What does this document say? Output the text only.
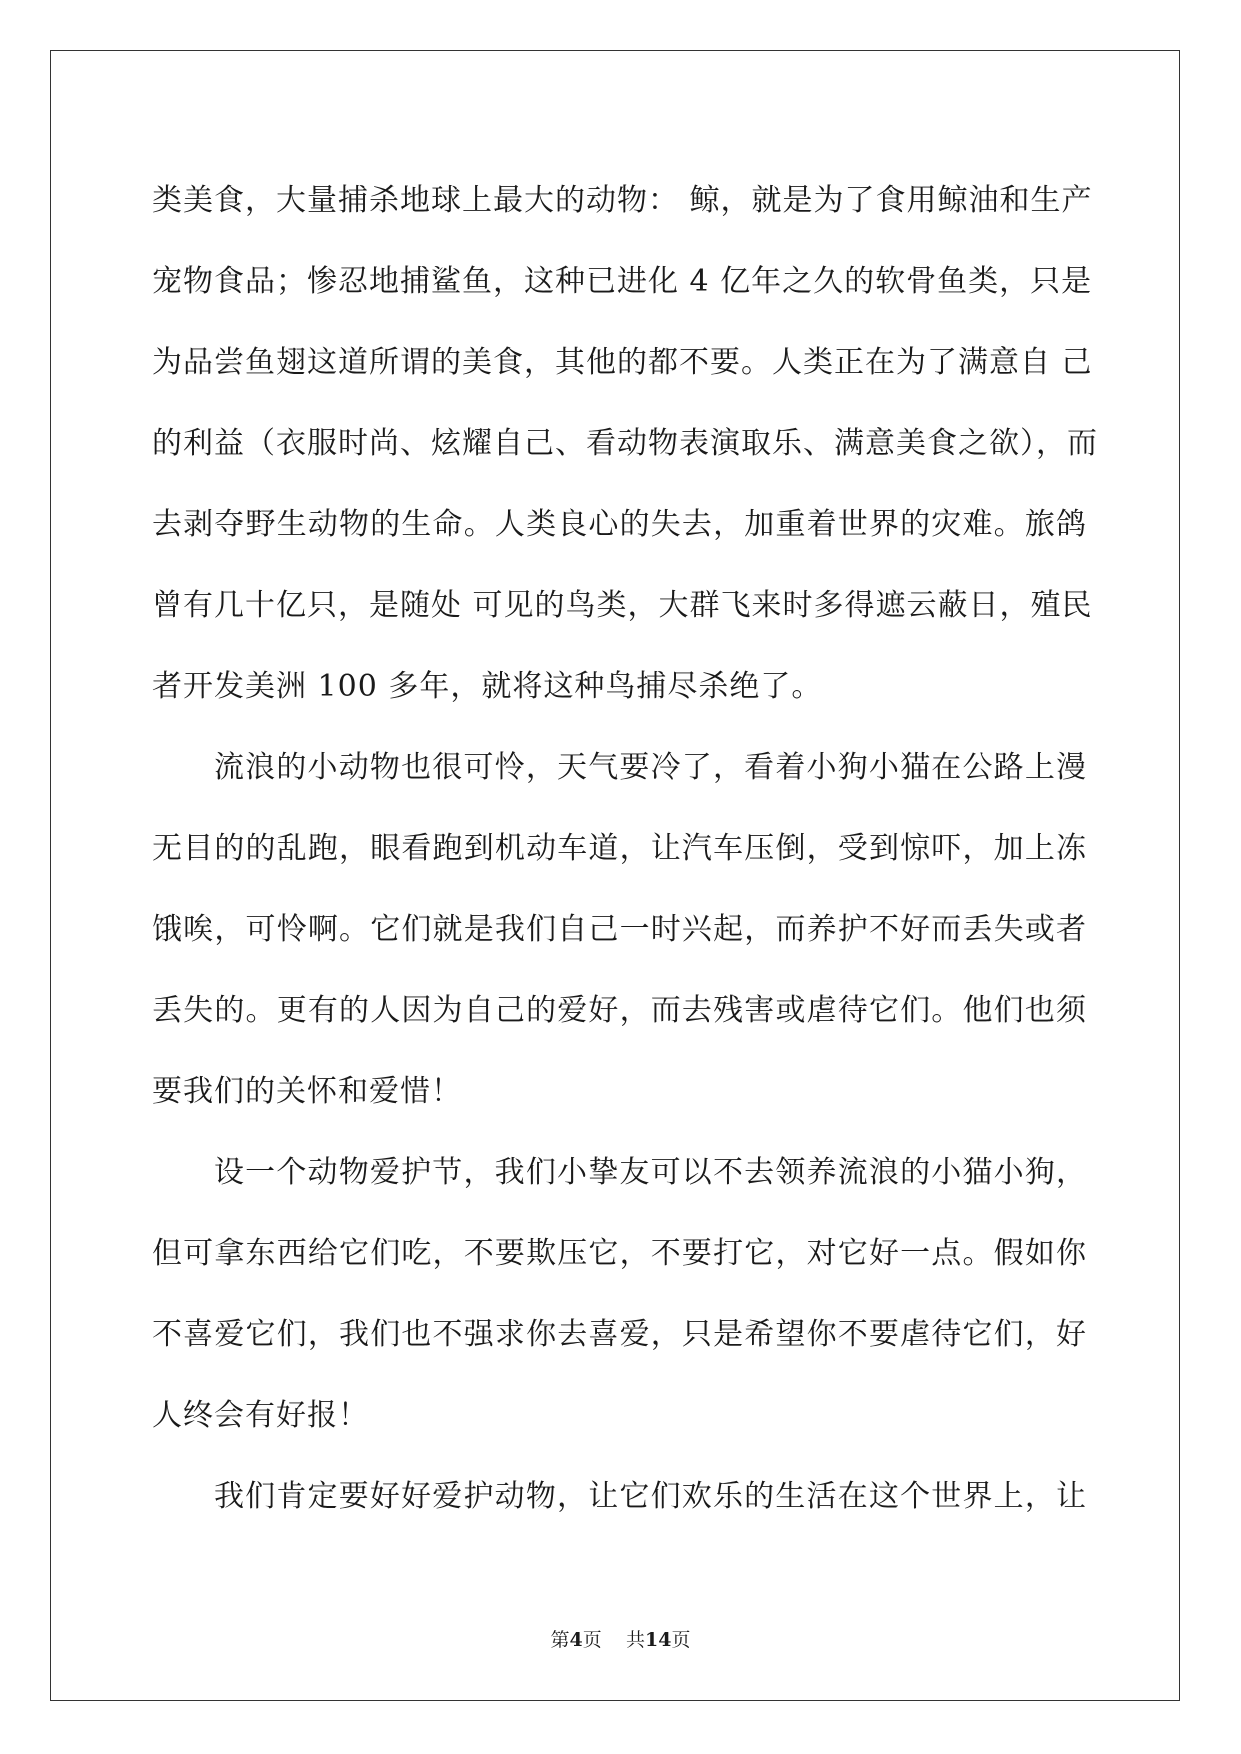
类美食，大量捕杀地球上最大的动物： 鲸，就是为了食用鲸油和生产
宠物食品；惨忍地捕鲨鱼，这种已进化 4 亿年之久的软骨鱼类，只是
为品尝鱼翅这道所谓的美食，其他的都不要。人类正在为了满意自 己
的利益（衣服时尚、炫耀自己、看动物表演取乐、满意美食之欲），而
去剥夺野生动物的生命。人类良心的失去，加重着世界的灾难。旅鸽
曾有几十亿只，是随处 可见的鸟类，大群飞来时多得遮云蔽日，殖民
者开发美洲 100 多年，就将这种鸟捕尽杀绝了。
流浪的小动物也很可怜，天气要冷了，看着小狗小猫在公路上漫
无目的的乱跑，眼看跑到机动车道，让汽车压倒，受到惊吓，加上冻
饿唉，可怜啊。它们就是我们自己一时兴起，而养护不好而丢失或者
丢失的。更有的人因为自己的爱好，而去残害或虐待它们。他们也须
要我们的关怀和爱惜！
设一个动物爱护节，我们小挚友可以不去领养流浪的小猫小狗，
但可拿东西给它们吃，不要欺压它，不要打它，对它好一点。假如你
不喜爱它们，我们也不强求你去喜爱，只是希望你不要虐待它们，好
人终会有好报！
我们肯定要好好爱护动物，让它们欢乐的生活在这个世界上，让
第4页 共14页
